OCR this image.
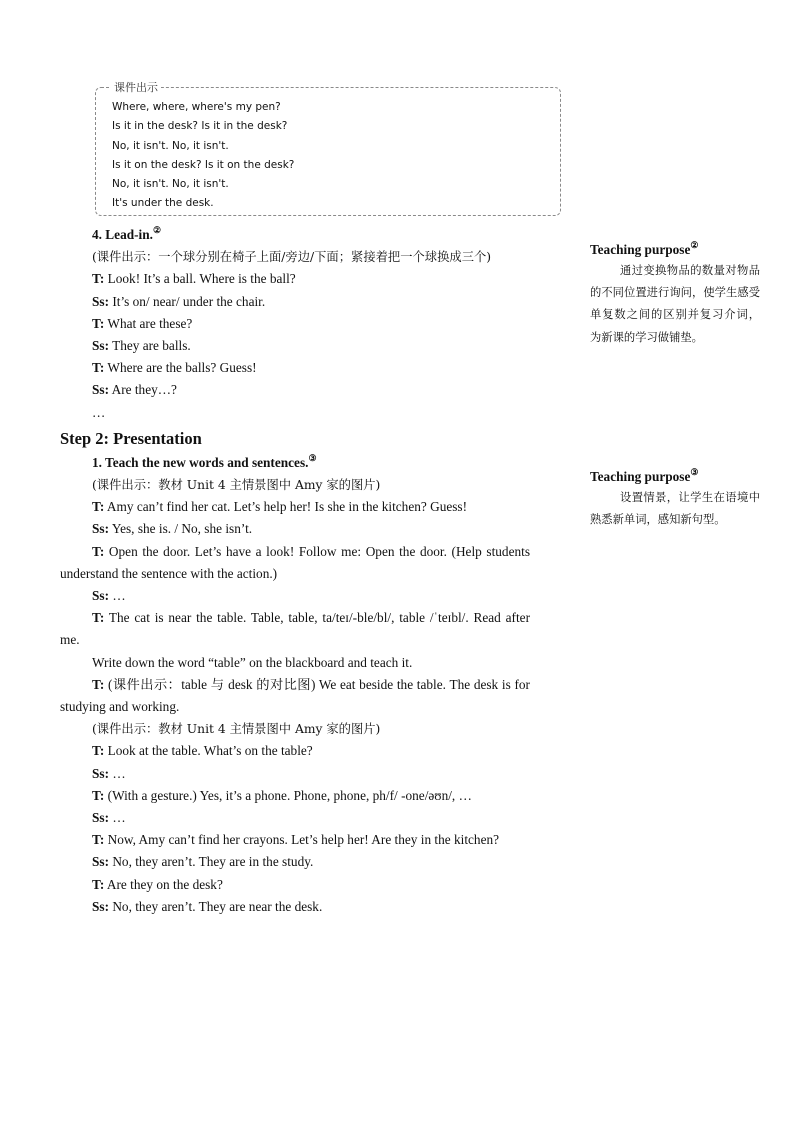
课件出示
Where, where, where's my pen?
Is it in the desk? Is it in the desk?
No, it isn't. No, it isn't.
Is it on the desk? Is it on the desk?
No, it isn't. No, it isn't.
It's under the desk.

4. Lead-in.②

(课件出示：一个球分别在椅子上面/旁边/下面；紧接着把一个球换成三个)

T: Look! It’s a ball. Where is the ball?

Ss: It’s on/ near/ under the chair.

T: What are these?

Ss: They are balls.

T: Where are the balls? Guess!

Ss: Are they…?

…

Step 2: Presentation

1. Teach the new words and sentences.③

(课件出示：教材 Unit 4 主情景图中 Amy 家的图片)

T: Amy can’t find her cat. Let’s help her! Is she in the kitchen? Guess!

Ss: Yes, she is. / No, she isn’t.

T: Open the door. Let’s have a look! Follow me: Open the door. (Help students understand the sentence with the action.)

Ss: …

T: The cat is near the table. Table, table, ta/teɪ/-ble/bl/, table /ˈteɪbl/. Read after me.

Write down the word “table” on the blackboard and teach it.

T: (课件出示：table 与 desk 的对比图) We eat beside the table. The desk is for studying and working.

(课件出示：教材 Unit 4 主情景图中 Amy 家的图片)

T: Look at the table. What’s on the table?

Ss: …

T: (With a gesture.) Yes, it’s a phone. Phone, phone, ph/f/ -one/əʊn/, …

Ss: …

T: Now, Amy can’t find her crayons. Let’s help her! Are they in the kitchen?

Ss: No, they aren’t. They are in the study.

T: Are they on the desk?

Ss: No, they aren’t. They are near the desk.

Teaching purpose②

通过变换物品的数量对物品的不同位置进行询问，使学生感受单复数之间的区别并复习介词， 为新课的学习做铺垫。

Teaching purpose③

设置情景，让学生在语境中熟悉新单词，感知新句型。
